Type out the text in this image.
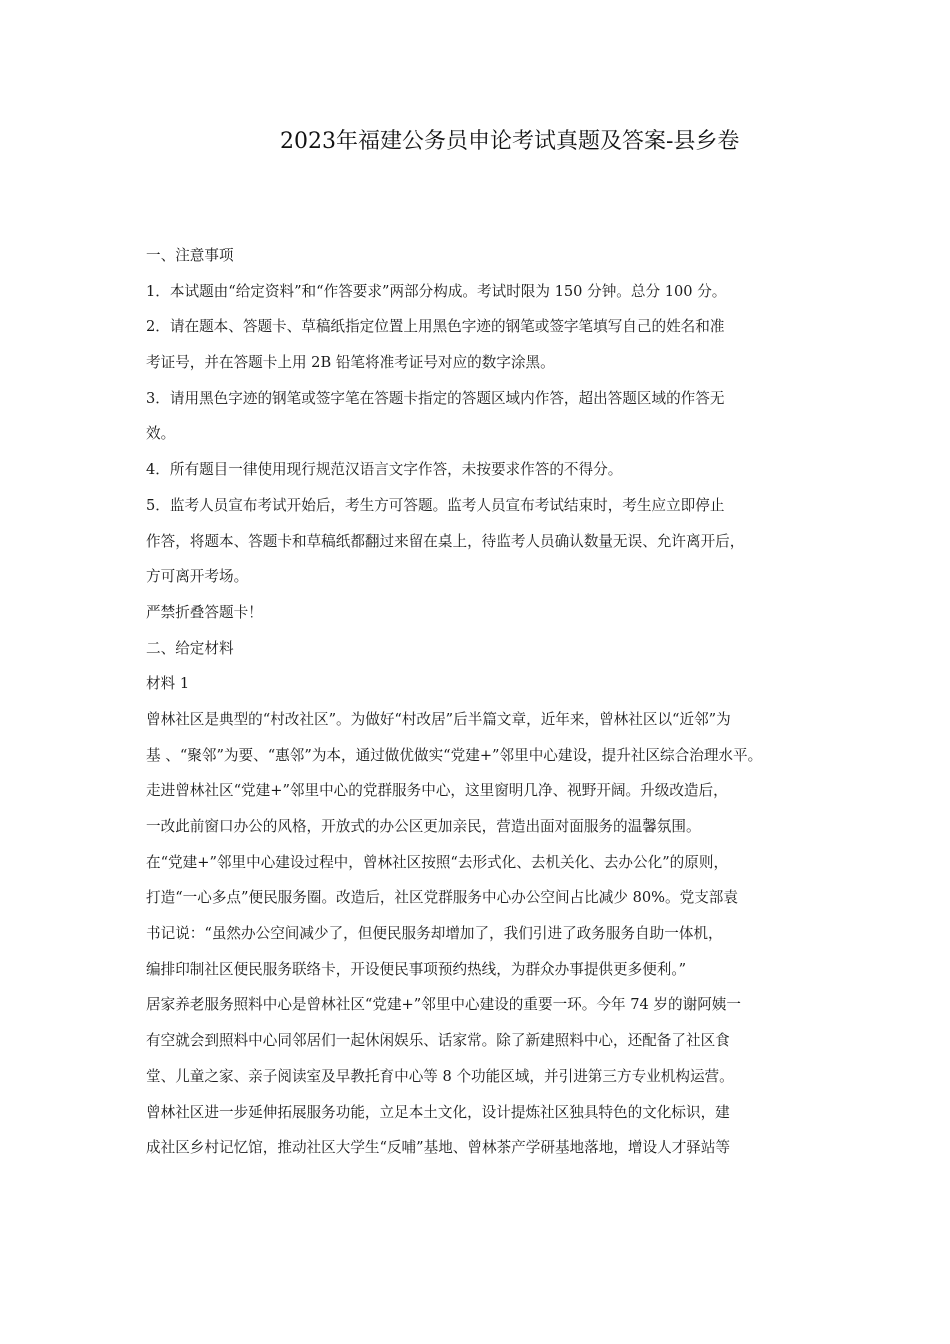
2023年福建公务员申论考试真题及答案-县乡卷
一、注意事项
1．本试题由“给定资料”和“作答要求”两部分构成。考试时限为 150 分钟。总分 100 分。
2．请在题本、答题卡、草稿纸指定位置上用黑色字迹的钢笔或签字笔填写自己的姓名和准
考证号，并在答题卡上用 2B 铅笔将准考证号对应的数字涂黑。
3．请用黑色字迹的钢笔或签字笔在答题卡指定的答题区域内作答，超出答题区域的作答无
效。
4．所有题目一律使用现行规范汉语言文字作答，未按要求作答的不得分。
5．监考人员宣布考试开始后，考生方可答题。监考人员宣布考试结束时，考生应立即停止
作答，将题本、答题卡和草稿纸都翻过来留在桌上，待监考人员确认数量无误、允许离开后，
方可离开考场。
严禁折叠答题卡！
二、给定材料
材料 1
曾林社区是典型的“村改社区”。为做好“村改居”后半篇文章，近年来，曾林社区以“近邻”为
基 、“聚邻”为要、“惠邻”为本，通过做优做实“党建+”邻里中心建设，提升社区综合治理水平。
走进曾林社区“党建+”邻里中心的党群服务中心，这里窗明几净、视野开阔。升级改造后，
一改此前窗口办公的风格，开放式的办公区更加亲民，营造出面对面服务的温馨氛围。
在“党建+”邻里中心建设过程中，曾林社区按照“去形式化、去机关化、去办公化”的原则，
打造“一心多点”便民服务圈。改造后，社区党群服务中心办公空间占比减少 80%。党支部袁
书记说：“虽然办公空间减少了，但便民服务却增加了，我们引进了政务服务自助一体机，
编排印制社区便民服务联络卡，开设便民事项预约热线，为群众办事提供更多便利。”
居家养老服务照料中心是曾林社区“党建+”邻里中心建设的重要一环。今年 74 岁的谢阿姨一
有空就会到照料中心同邻居们一起休闲娱乐、话家常。除了新建照料中心，还配备了社区食
堂、儿童之家、亲子阅读室及早教托育中心等 8 个功能区域，并引进第三方专业机构运营。
曾林社区进一步延伸拓展服务功能，立足本土文化，设计提炼社区独具特色的文化标识，建
成社区乡村记忆馆，推动社区大学生“反哺”基地、曾林茶产学研基地落地，增设人才驿站等
